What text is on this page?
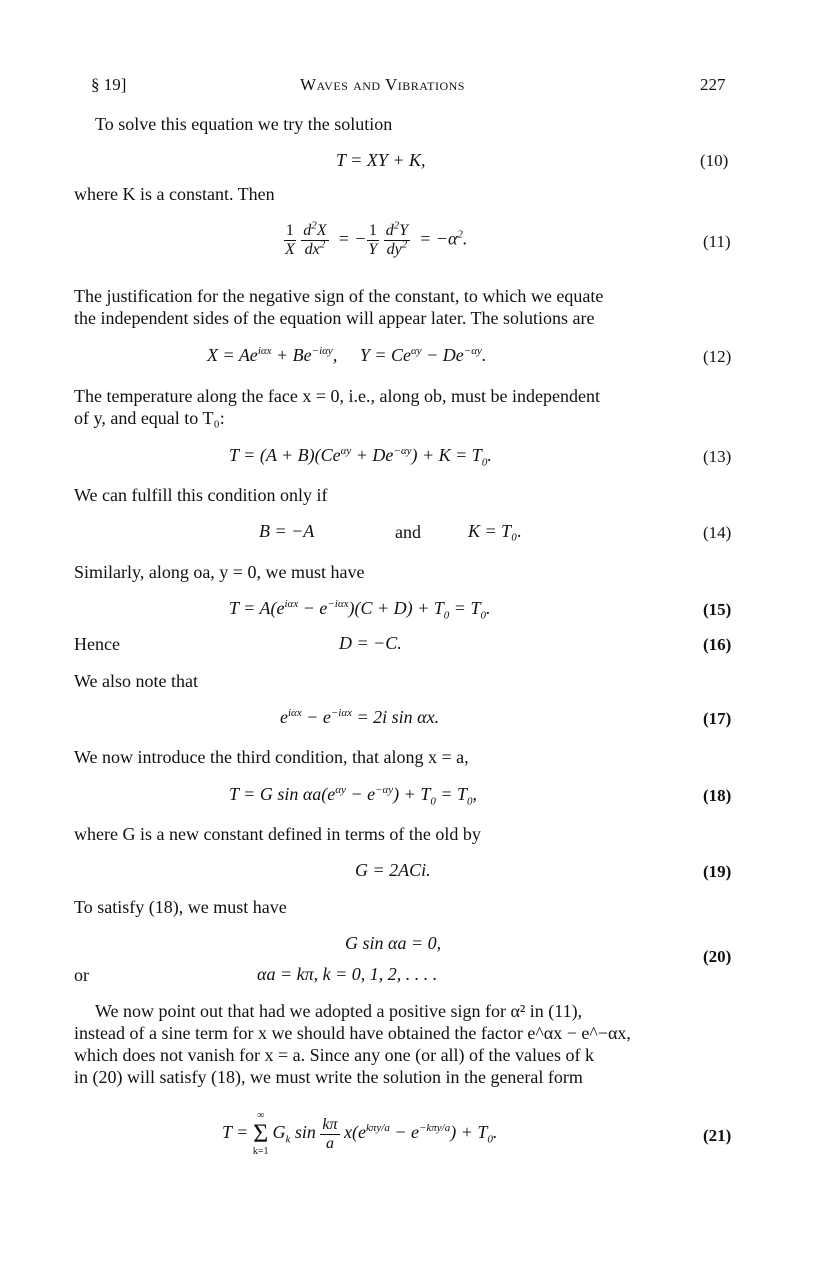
§ 19]	Waves and Vibrations	227
To solve this equation we try the solution
T = XY + K,	(10)
where K is a constant. Then
$\frac{1}{X}$
$\frac{d^2X}{dx^2}$ = − $\frac{1}{Y}$
$\frac{d^2Y}{dy^2} = -\alpha^2$.	(11)
The justification for the negative sign of the constant, to which we equate
the independent sides of the equation will appear later. The solutions are
$X = Ae^{i\alpha x} + Be^{-i\alpha y}$,     $Y = Ce^{\alpha y} - De^{-\alpha y}$.	(12)
The temperature along the face x = 0, i.e., along ob, must be independent
of y, and equal to T₀:
$T = (A + B)(Ce^{\alpha y} + De^{-\alpha y}) + K = T_0$.	(13)
We can fulfill this condition only if
B = −A	and	K = T₀.	(14)
Similarly, along oa, y = 0, we must have
$T = A(e^{i\alpha x} - e^{-i\alpha x})(C + D) + T_0 = T_0$.	(15)
Hence	D = −C.	(16)
We also note that
$e^{i\alpha x} - e^{-i\alpha x} = 2i$ sin αx.	(17)
We now introduce the third condition, that along x = a,
T = G $\sin \alpha a(e^{\alpha y} - e^{-\alpha y}) + T_0 = T_0$,	(18)
where G is a new constant defined in terms of the old by
G = 2ACi.	(19)
To satisfy (18), we must have
G sin αa = 0,
or	αa = kπ, k = 0, 1, 2, . . . .
(20)
We now point out that had we adopted a positive sign for α² in (11),
instead of a sine term for x we should have obtained the factor e^αx − e^−αx,
which does not vanish for x = a. Since any one (or all) of the values of k
in (20) will satisfy (18), we must write the solution in the general form
T =
∞
Σ
k=1
$G_k$ $\sin \frac{k\pi}{a} x(e^{k\pi y/a} - e^{-k\pi y/a}) + T_0$.	(21)
